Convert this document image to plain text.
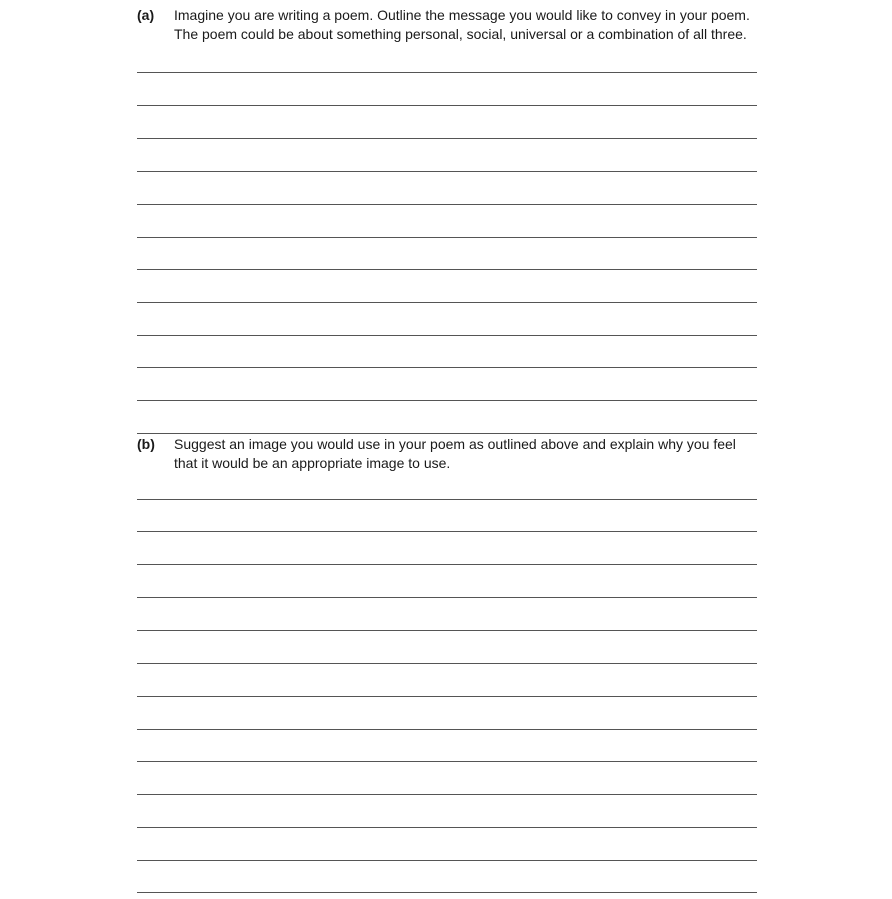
(a) Imagine you are writing a poem. Outline the message you would like to convey in your poem.
The poem could be about something personal, social, universal or a combination of all three.
(b) Suggest an image you would use in your poem as outlined above and explain why you feel
that it would be an appropriate image to use.
